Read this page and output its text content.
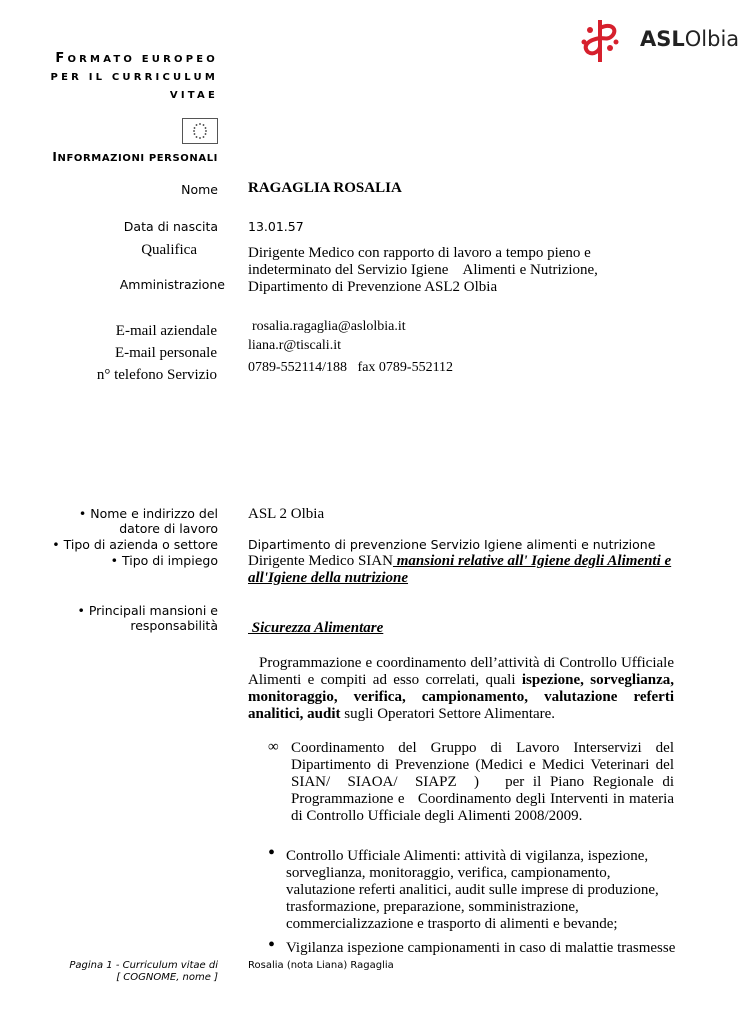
ASLOlbia
FORMATO EUROPEO
PER IL CURRICULUM
VITAE
INFORMAZIONI PERSONALI
Nome RAGAGLIA ROSALIA
Data di nascita 13.01.57
Qualifica
Amministrazione
Dirigente Medico con rapporto di lavoro a tempo pieno e indeterminato del Servizio Igiene    Alimenti e Nutrizione, Dipartimento di Prevenzione ASL2 Olbia
E-mail aziendale
E-mail personale
n° telefono Servizio
rosalia.ragaglia@aslolbia.it
liana.r@tiscali.it
0789-552114/188   fax 0789-552112
• Nome e indirizzo del datore di lavoro
• Tipo di azienda o settore
• Tipo di impiego
• Principali mansioni e responsabilità
ASL 2 Olbia
Dipartimento di prevenzione Servizio Igiene alimenti e nutrizione
Dirigente Medico SIAN mansioni relative all' Igiene degli Alimenti e all'Igiene della nutrizione
Sicurezza Alimentare
Programmazione e coordinamento dell’attività di Controllo Ufficiale Alimenti e compiti ad esso correlati, quali ispezione, sorveglianza, monitoraggio, verifica, campionamento, valutazione referti analitici, audit sugli Operatori Settore Alimentare.
∞ Coordinamento del Gruppo di Lavoro Interservizi del Dipartimento di Prevenzione (Medici e Medici Veterinari del SIAN/  SIAOA/  SIAPZ  )   per il Piano Regionale di Programmazione e   Coordinamento degli Interventi in materia di Controllo Ufficiale degli Alimenti 2008/2009.
• Controllo Ufficiale Alimenti: attività di vigilanza, ispezione, sorveglianza, monitoraggio, verifica, campionamento, valutazione referti analitici, audit sulle imprese di produzione, trasformazione, preparazione, somministrazione, commercializzazione e trasporto di alimenti e bevande;
• Vigilanza ispezione campionamenti in caso di malattie trasmesse
Pagina 1 - Curriculum vitae di
[ COGNOME, nome ]
Rosalia (nota Liana) Ragaglia
